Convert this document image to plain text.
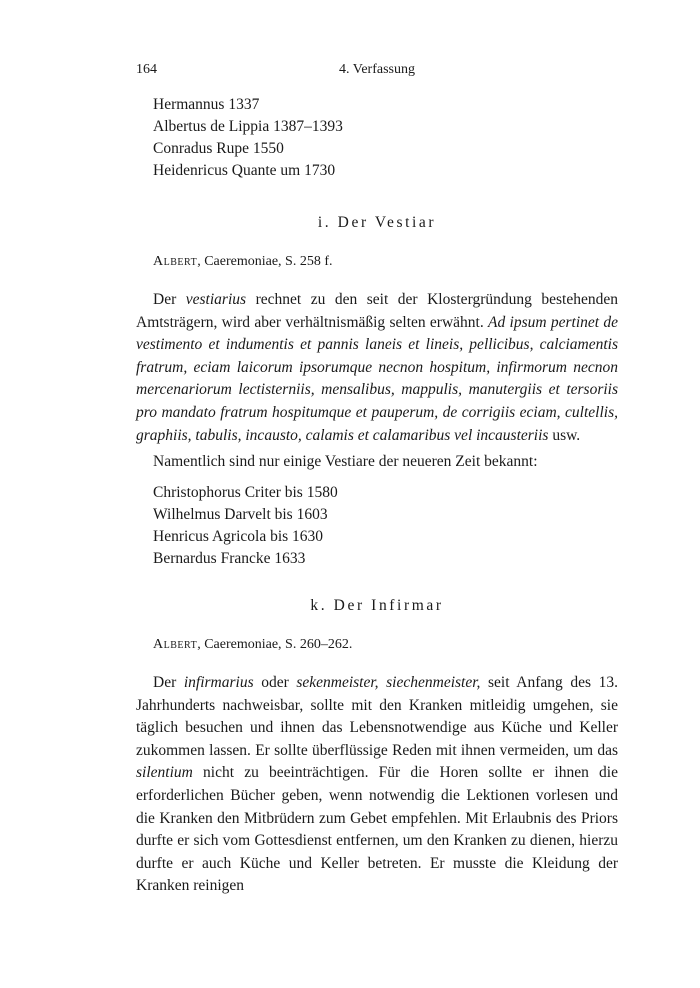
164	4. Verfassung
Hermannus 1337
Albertus de Lippia 1387–1393
Conradus Rupe 1550
Heidenricus Quante um 1730
i. Der Vestiar
Albert, Caeremoniae, S. 258 f.
Der vestiarius rechnet zu den seit der Klostergründung bestehenden Amtsträgern, wird aber verhältnismäßig selten erwähnt. Ad ipsum pertinet de vestimento et indumentis et pannis laneis et lineis, pellicibus, calciamentis fratrum, eciam laicorum ipsorumque necnon hospitum, infirmorum necnon mercenariorum lectisterniis, mensalibus, mappulis, manutergiis et tersoriis pro mandato fratrum hospitumque et pauperum, de corrigiis eciam, cultellis, graphiis, tabulis, incausto, calamis et calamaribus vel incausteriis usw.
Namentlich sind nur einige Vestiare der neueren Zeit bekannt:
Christophorus Criter bis 1580
Wilhelmus Darvelt bis 1603
Henricus Agricola bis 1630
Bernardus Francke 1633
k. Der Infirmar
Albert, Caeremoniae, S. 260–262.
Der infirmarius oder sekenmeister, siechenmeister, seit Anfang des 13. Jahrhunderts nachweisbar, sollte mit den Kranken mitleidig umgehen, sie täglich besuchen und ihnen das Lebensnotwendige aus Küche und Keller zukommen lassen. Er sollte überflüssige Reden mit ihnen vermeiden, um das silentium nicht zu beeinträchtigen. Für die Horen sollte er ihnen die erforderlichen Bücher geben, wenn notwendig die Lektionen vorlesen und die Kranken den Mitbrüdern zum Gebet empfehlen. Mit Erlaubnis des Priors durfte er sich vom Gottesdienst entfernen, um den Kranken zu dienen, hierzu durfte er auch Küche und Keller betreten. Er musste die Kleidung der Kranken reinigen
